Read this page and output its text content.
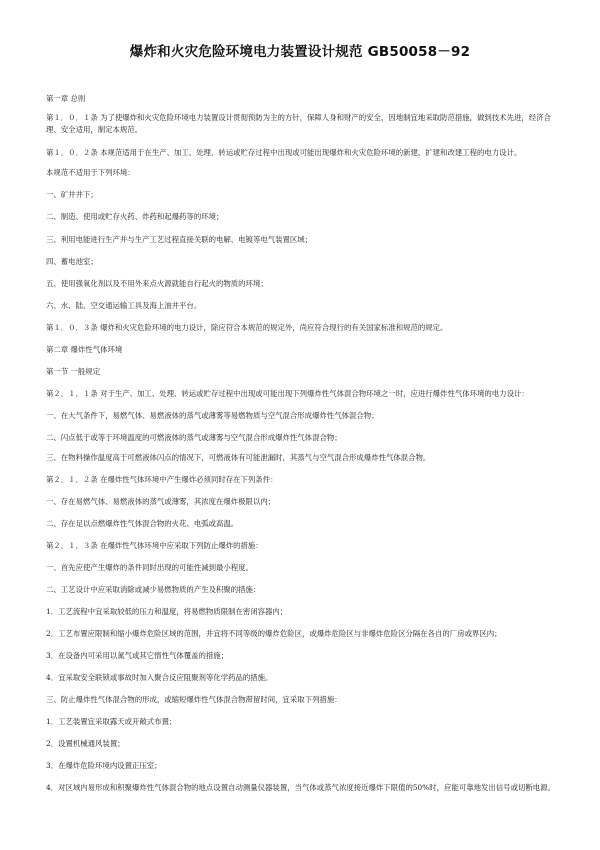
爆炸和火灾危险环境电力装置设计规范 GB50058－92
第一章 总则
第１．０．１条 为了使爆炸和火灾危险环境电力装置设计贯彻预防为主的方针，保障人身和财产的安全，因地制宜地采取防范措施，做到技术先进，经济合理、安全适用，制定本规范。
第１．０．２条 本规范适用于在生产、加工、处理、转运或贮存过程中出现或可能出现爆炸和火灾危险环境的新建、扩建和改建工程的电力设计。
本规范不适用于下列环境：
一、矿井井下；
二、制造、使用或贮存火药、炸药和起爆药等的环境；
三、利用电能进行生产并与生产工艺过程直接关联的电解、电镀等电气装置区域；
四、蓄电池室；
五、使用强氧化剂以及不用外来点火源就能自行起火的物质的环境；
六、水、陆、空交通运输工具及海上油井平台。
第１．０．３条 爆炸和火灾危险环境的电力设计，除应符合本规范的规定外，尚应符合现行的有关国家标准和规范的规定。
第二章 爆炸性气体环境
第一节 一般规定
第２．１．１条 对于生产、加工、处理、转运或贮存过程中出现或可能出现下列爆炸性气体混合物环境之一时，应进行爆炸性气体环境的电力设计：
一、在大气条件下，易燃气体、易燃液体的蒸气或薄雾等易燃物质与空气混合形成爆炸性气体混合物；
二、闪点低于或等于环境温度的可燃液体的蒸气或薄雾与空气混合形成爆炸性气体混合物；
三、在物料操作温度高于可燃液体闪点的情况下，可燃液体有可能泄漏时，其蒸气与空气混合形成爆炸性气体混合物。
第２．１．２条 在爆炸性气体环境中产生爆炸必须同时存在下列条件：
一、存在易燃气体、易燃液体的蒸气或薄雾，其浓度在爆炸极限以内；
二、存在足以点燃爆炸性气体混合物的火花、电弧或高温。
第２．１．３条 在爆炸性气体环境中应采取下列防止爆炸的措施：
一、首先应使产生爆炸的条件同时出现的可能性减到最小程度。
二、工艺设计中应采取消除或减少易燃物质的产生及积聚的措施：
1．工艺流程中宜采取较低的压力和温度，将易燃物质限制在密闭容器内；
2．工艺布置应限制和缩小爆炸危险区域的范围，并宜将不同等级的爆炸危险区，或爆炸危险区与非爆炸危险区分隔在各自的厂房或界区内；
3．在设备内可采用以氮气或其它惰性气体覆盖的措施；
4．宜采取安全联锁或事故时加入聚合反应阻聚剂等化学药品的措施。
三、防止爆炸性气体混合物的形成，或缩短爆炸性气体混合物滞留时间，宜采取下列措施：
1．工艺装置宜采取露天或开敞式布置；
2．设置机械通风装置；
3．在爆炸危险环境内设置正压室；
4．对区域内易形成和积聚爆炸性气体混合物的地点设置自动测量仪器装置，当气体或蒸气浓度接近爆炸下限值的50%时，应能可靠地发出信号或切断电源。
